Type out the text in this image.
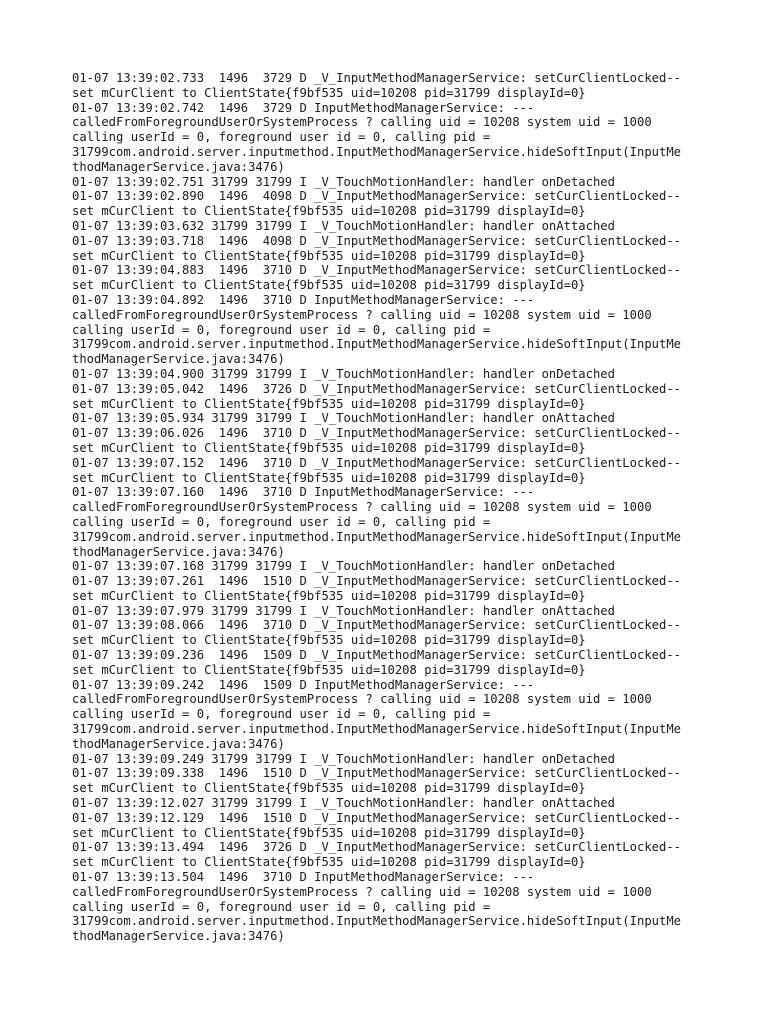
01-07 13:39:02.733  1496  3729 D _V_InputMethodManagerService: setCurClientLocked--
set mCurClient to ClientState{f9bf535 uid=10208 pid=31799 displayId=0}
01-07 13:39:02.742  1496  3729 D InputMethodManagerService: ---
calledFromForegroundUserOrSystemProcess ? calling uid = 10208 system uid = 1000
calling userId = 0, foreground user id = 0, calling pid =
31799com.android.server.inputmethod.InputMethodManagerService.hideSoftInput(InputMe
thodManagerService.java:3476)
01-07 13:39:02.751 31799 31799 I _V_TouchMotionHandler: handler onDetached
01-07 13:39:02.890  1496  4098 D _V_InputMethodManagerService: setCurClientLocked--
set mCurClient to ClientState{f9bf535 uid=10208 pid=31799 displayId=0}
01-07 13:39:03.632 31799 31799 I _V_TouchMotionHandler: handler onAttached
01-07 13:39:03.718  1496  4098 D _V_InputMethodManagerService: setCurClientLocked--
set mCurClient to ClientState{f9bf535 uid=10208 pid=31799 displayId=0}
01-07 13:39:04.883  1496  3710 D _V_InputMethodManagerService: setCurClientLocked--
set mCurClient to ClientState{f9bf535 uid=10208 pid=31799 displayId=0}
01-07 13:39:04.892  1496  3710 D InputMethodManagerService: ---
calledFromForegroundUserOrSystemProcess ? calling uid = 10208 system uid = 1000
calling userId = 0, foreground user id = 0, calling pid =
31799com.android.server.inputmethod.InputMethodManagerService.hideSoftInput(InputMe
thodManagerService.java:3476)
01-07 13:39:04.900 31799 31799 I _V_TouchMotionHandler: handler onDetached
01-07 13:39:05.042  1496  3726 D _V_InputMethodManagerService: setCurClientLocked--
set mCurClient to ClientState{f9bf535 uid=10208 pid=31799 displayId=0}
01-07 13:39:05.934 31799 31799 I _V_TouchMotionHandler: handler onAttached
01-07 13:39:06.026  1496  3710 D _V_InputMethodManagerService: setCurClientLocked--
set mCurClient to ClientState{f9bf535 uid=10208 pid=31799 displayId=0}
01-07 13:39:07.152  1496  3710 D _V_InputMethodManagerService: setCurClientLocked--
set mCurClient to ClientState{f9bf535 uid=10208 pid=31799 displayId=0}
01-07 13:39:07.160  1496  3710 D InputMethodManagerService: ---
calledFromForegroundUserOrSystemProcess ? calling uid = 10208 system uid = 1000
calling userId = 0, foreground user id = 0, calling pid =
31799com.android.server.inputmethod.InputMethodManagerService.hideSoftInput(InputMe
thodManagerService.java:3476)
01-07 13:39:07.168 31799 31799 I _V_TouchMotionHandler: handler onDetached
01-07 13:39:07.261  1496  1510 D _V_InputMethodManagerService: setCurClientLocked--
set mCurClient to ClientState{f9bf535 uid=10208 pid=31799 displayId=0}
01-07 13:39:07.979 31799 31799 I _V_TouchMotionHandler: handler onAttached
01-07 13:39:08.066  1496  3710 D _V_InputMethodManagerService: setCurClientLocked--
set mCurClient to ClientState{f9bf535 uid=10208 pid=31799 displayId=0}
01-07 13:39:09.236  1496  1509 D _V_InputMethodManagerService: setCurClientLocked--
set mCurClient to ClientState{f9bf535 uid=10208 pid=31799 displayId=0}
01-07 13:39:09.242  1496  1509 D InputMethodManagerService: ---
calledFromForegroundUserOrSystemProcess ? calling uid = 10208 system uid = 1000
calling userId = 0, foreground user id = 0, calling pid =
31799com.android.server.inputmethod.InputMethodManagerService.hideSoftInput(InputMe
thodManagerService.java:3476)
01-07 13:39:09.249 31799 31799 I _V_TouchMotionHandler: handler onDetached
01-07 13:39:09.338  1496  1510 D _V_InputMethodManagerService: setCurClientLocked--
set mCurClient to ClientState{f9bf535 uid=10208 pid=31799 displayId=0}
01-07 13:39:12.027 31799 31799 I _V_TouchMotionHandler: handler onAttached
01-07 13:39:12.129  1496  1510 D _V_InputMethodManagerService: setCurClientLocked--
set mCurClient to ClientState{f9bf535 uid=10208 pid=31799 displayId=0}
01-07 13:39:13.494  1496  3726 D _V_InputMethodManagerService: setCurClientLocked--
set mCurClient to ClientState{f9bf535 uid=10208 pid=31799 displayId=0}
01-07 13:39:13.504  1496  3710 D InputMethodManagerService: ---
calledFromForegroundUserOrSystemProcess ? calling uid = 10208 system uid = 1000
calling userId = 0, foreground user id = 0, calling pid =
31799com.android.server.inputmethod.InputMethodManagerService.hideSoftInput(InputMe
thodManagerService.java:3476)
